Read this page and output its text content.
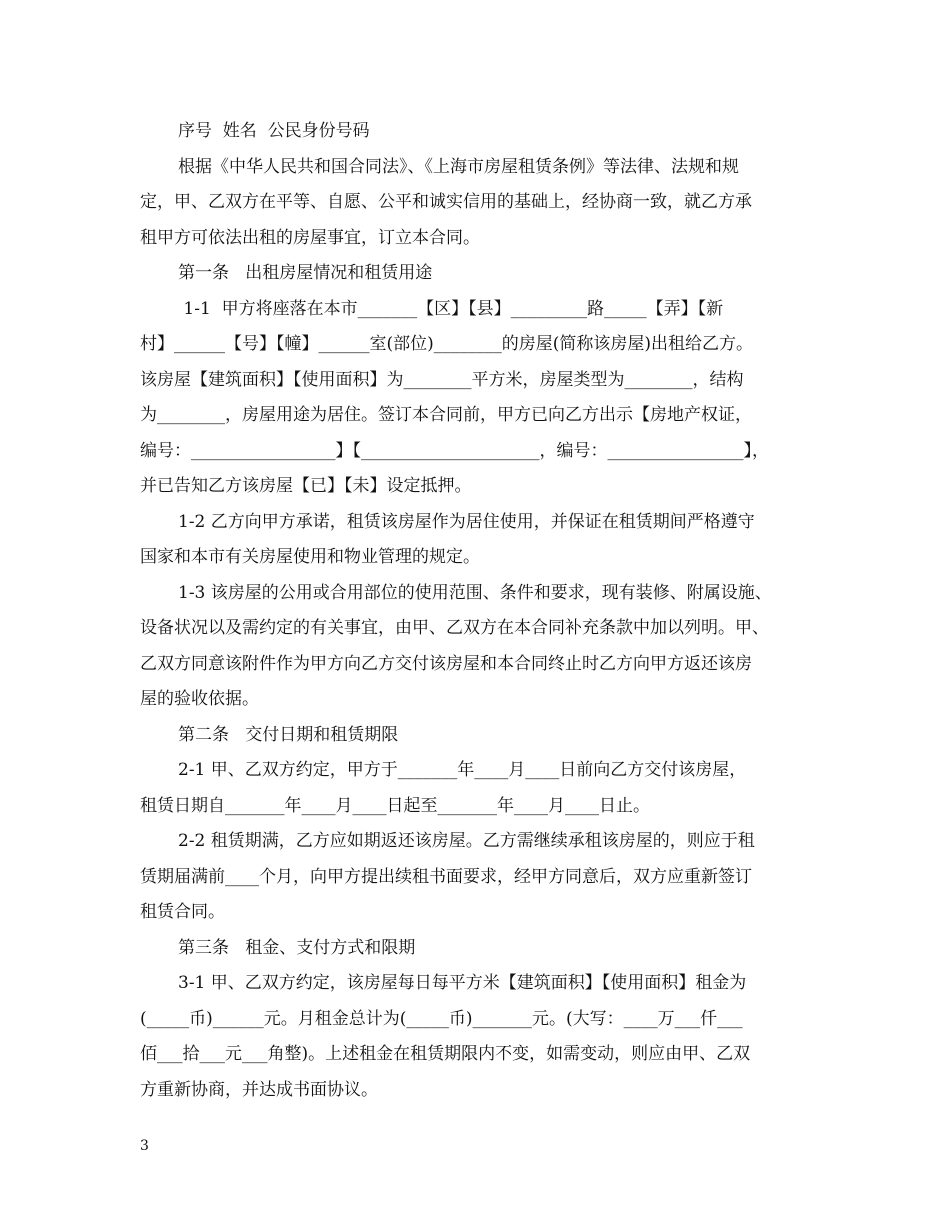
序号  姓名  公民身份号码
根据《中华人民共和国合同法》、《上海市房屋租赁条例》等法律、法规和规
定，甲、乙双方在平等、自愿、公平和诚实信用的基础上，经协商一致，就乙方承
租甲方可依法出租的房屋事宜，订立本合同。
第一条   出租房屋情况和租赁用途
1-1  甲方将座落在本市_______【区】【县】_________路_____【弄】【新
村】______【号】【幢】______室(部位)________的房屋(简称该房屋)出租给乙方。
该房屋【建筑面积】【使用面积】为________平方米，房屋类型为________，结构
为________，房屋用途为居住。签订本合同前，甲方已向乙方出示【房地产权证，
编号：_________________】【_____________________，编号：________________】，
并已告知乙方该房屋【已】【未】设定抵押。
1-2 乙方向甲方承诺，租赁该房屋作为居住使用，并保证在租赁期间严格遵守
国家和本市有关房屋使用和物业管理的规定。
1-3 该房屋的公用或合用部位的使用范围、条件和要求，现有装修、附属设施、
设备状况以及需约定的有关事宜，由甲、乙双方在本合同补充条款中加以列明。甲、
乙双方同意该附件作为甲方向乙方交付该房屋和本合同终止时乙方向甲方返还该房
屋的验收依据。
第二条   交付日期和租赁期限
2-1 甲、乙双方约定，甲方于_______年____月____日前向乙方交付该房屋，
租赁日期自_______年____月____日起至_______年____月____日止。
2-2 租赁期满，乙方应如期返还该房屋。乙方需继续承租该房屋的，则应于租
赁期届满前____个月，向甲方提出续租书面要求，经甲方同意后，双方应重新签订
租赁合同。
第三条   租金、支付方式和限期
3-1 甲、乙双方约定，该房屋每日每平方米【建筑面积】【使用面积】租金为
(_____币)______元。月租金总计为(_____币)_______元。(大写：____万___仟___
佰___拾___元___角整)。上述租金在租赁期限内不变，如需变动，则应由甲、乙双
方重新协商，并达成书面协议。
3
